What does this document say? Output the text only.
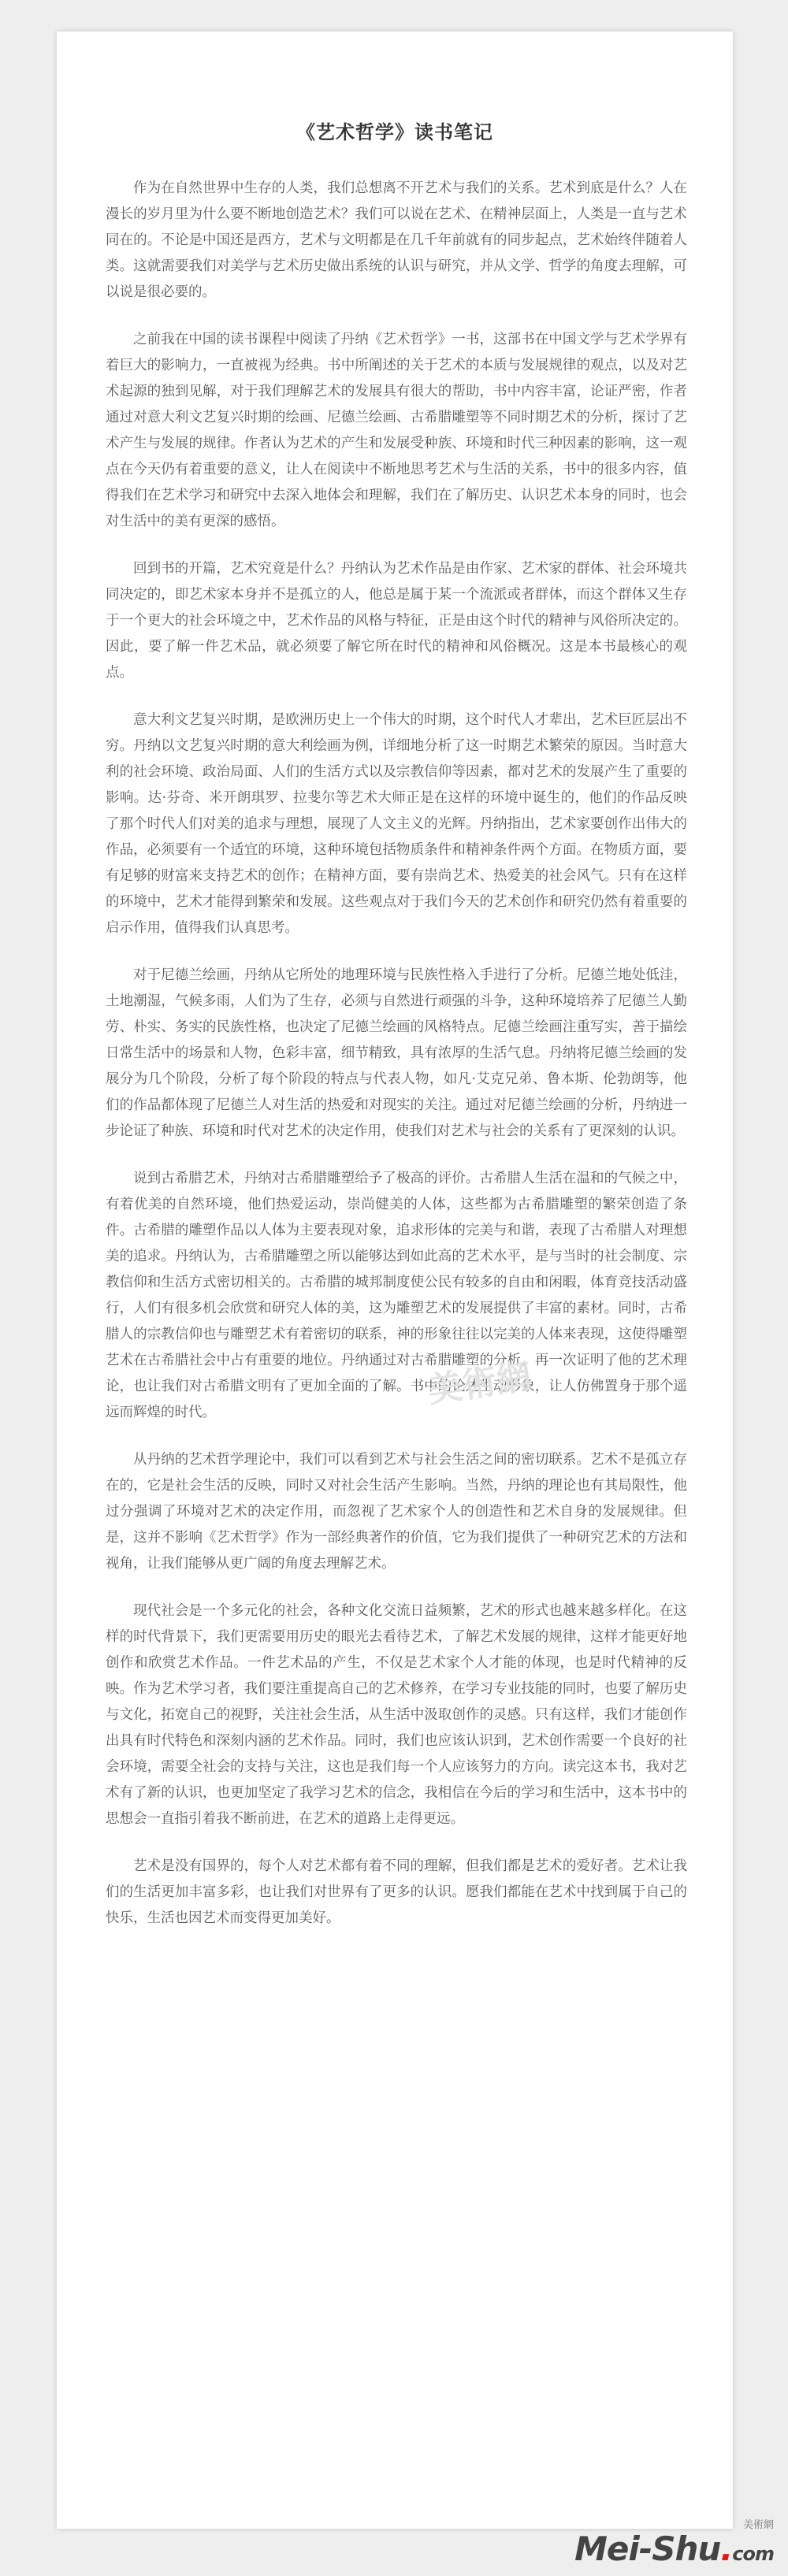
《艺术哲学》读书笔记

作为在自然世界中生存的人类，我们总想离不开艺术与我们的关系。艺术到底是什么？人在漫长的岁月里为什么要不断地创造艺术？我们可以说在艺术、在精神层面上，人类是一直与艺术同在的。不论是中国还是西方，艺术与文明都是在几千年前就有的同步起点，艺术始终伴随着人类。这就需要我们对美学与艺术历史做出系统的认识与研究，并从文学、哲学的角度去理解，可以说是很必要的。

之前我在中国的读书课程中阅读了丹纳《艺术哲学》一书，这部书在中国文学与艺术学界有着巨大的影响力，一直被视为经典。书中所阐述的关于艺术的本质与发展规律的观点，以及对艺术起源的独到见解，对于我们理解艺术的发展具有很大的帮助，书中内容丰富，论证严密，作者通过对意大利文艺复兴时期的绘画、尼德兰绘画、古希腊雕塑等不同时期艺术的分析，探讨了艺术产生与发展的规律。作者认为艺术的产生和发展受种族、环境和时代三种因素的影响，这一观点在今天仍有着重要的意义，让人在阅读中不断地思考艺术与生活的关系，书中的很多内容，值得我们在艺术学习和研究中去深入地体会和理解，我们在了解历史、认识艺术本身的同时，也会对生活中的美有更深的感悟。

回到书的开篇，艺术究竟是什么？丹纳认为艺术作品是由作家、艺术家的群体、社会环境共同决定的，即艺术家本身并不是孤立的人，他总是属于某一个流派或者群体，而这个群体又生存于一个更大的社会环境之中，艺术作品的风格与特征，正是由这个时代的精神与风俗所决定的。因此，要了解一件艺术品，就必须要了解它所在时代的精神和风俗概况。这是本书最核心的观点。

意大利文艺复兴时期，是欧洲历史上一个伟大的时期，这个时代人才辈出，艺术巨匠层出不穷。丹纳以文艺复兴时期的意大利绘画为例，详细地分析了这一时期艺术繁荣的原因。当时意大利的社会环境、政治局面、人们的生活方式以及宗教信仰等因素，都对艺术的发展产生了重要的影响。达·芬奇、米开朗琪罗、拉斐尔等艺术大师正是在这样的环境中诞生的，他们的作品反映了那个时代人们对美的追求与理想，展现了人文主义的光辉。丹纳指出，艺术家要创作出伟大的作品，必须要有一个适宜的环境，这种环境包括物质条件和精神条件两个方面。在物质方面，要有足够的财富来支持艺术的创作；在精神方面，要有崇尚艺术、热爱美的社会风气。只有在这样的环境中，艺术才能得到繁荣和发展。这些观点对于我们今天的艺术创作和研究仍然有着重要的启示作用，值得我们认真思考。

对于尼德兰绘画，丹纳从它所处的地理环境与民族性格入手进行了分析。尼德兰地处低洼，土地潮湿，气候多雨，人们为了生存，必须与自然进行顽强的斗争，这种环境培养了尼德兰人勤劳、朴实、务实的民族性格，也决定了尼德兰绘画的风格特点。尼德兰绘画注重写实，善于描绘日常生活中的场景和人物，色彩丰富，细节精致，具有浓厚的生活气息。丹纳将尼德兰绘画的发展分为几个阶段，分析了每个阶段的特点与代表人物，如凡·艾克兄弟、鲁本斯、伦勃朗等，他们的作品都体现了尼德兰人对生活的热爱和对现实的关注。通过对尼德兰绘画的分析，丹纳进一步论证了种族、环境和时代对艺术的决定作用，使我们对艺术与社会的关系有了更深刻的认识。

说到古希腊艺术，丹纳对古希腊雕塑给予了极高的评价。古希腊人生活在温和的气候之中，有着优美的自然环境，他们热爱运动，崇尚健美的人体，这些都为古希腊雕塑的繁荣创造了条件。古希腊的雕塑作品以人体为主要表现对象，追求形体的完美与和谐，表现了古希腊人对理想美的追求。丹纳认为，古希腊雕塑之所以能够达到如此高的艺术水平，是与当时的社会制度、宗教信仰和生活方式密切相关的。古希腊的城邦制度使公民有较多的自由和闲暇，体育竞技活动盛行，人们有很多机会欣赏和研究人体的美，这为雕塑艺术的发展提供了丰富的素材。同时，古希腊人的宗教信仰也与雕塑艺术有着密切的联系，神的形象往往以完美的人体来表现，这使得雕塑艺术在古希腊社会中占有重要的地位。丹纳通过对古希腊雕塑的分析，再一次证明了他的艺术理论，也让我们对古希腊文明有了更加全面的了解。书中的论述生动形象，让人仿佛置身于那个遥远而辉煌的时代。

从丹纳的艺术哲学理论中，我们可以看到艺术与社会生活之间的密切联系。艺术不是孤立存在的，它是社会生活的反映，同时又对社会生活产生影响。当然，丹纳的理论也有其局限性，他过分强调了环境对艺术的决定作用，而忽视了艺术家个人的创造性和艺术自身的发展规律。但是，这并不影响《艺术哲学》作为一部经典著作的价值，它为我们提供了一种研究艺术的方法和视角，让我们能够从更广阔的角度去理解艺术。

现代社会是一个多元化的社会，各种文化交流日益频繁，艺术的形式也越来越多样化。在这样的时代背景下，我们更需要用历史的眼光去看待艺术，了解艺术发展的规律，这样才能更好地创作和欣赏艺术作品。一件艺术品的产生，不仅是艺术家个人才能的体现，也是时代精神的反映。作为艺术学习者，我们要注重提高自己的艺术修养，在学习专业技能的同时，也要了解历史与文化，拓宽自己的视野，关注社会生活，从生活中汲取创作的灵感。只有这样，我们才能创作出具有时代特色和深刻内涵的艺术作品。同时，我们也应该认识到，艺术创作需要一个良好的社会环境，需要全社会的支持与关注，这也是我们每一个人应该努力的方向。读完这本书，我对艺术有了新的认识，也更加坚定了我学习艺术的信念，我相信在今后的学习和生活中，这本书中的思想会一直指引着我不断前进，在艺术的道路上走得更远。

艺术是没有国界的，每个人对艺术都有着不同的理解，但我们都是艺术的爱好者。艺术让我们的生活更加丰富多彩，也让我们对世界有了更多的认识。愿我们都能在艺术中找到属于自己的快乐，生活也因艺术而变得更加美好。

美術網
美術網
Mei-Shu.com
